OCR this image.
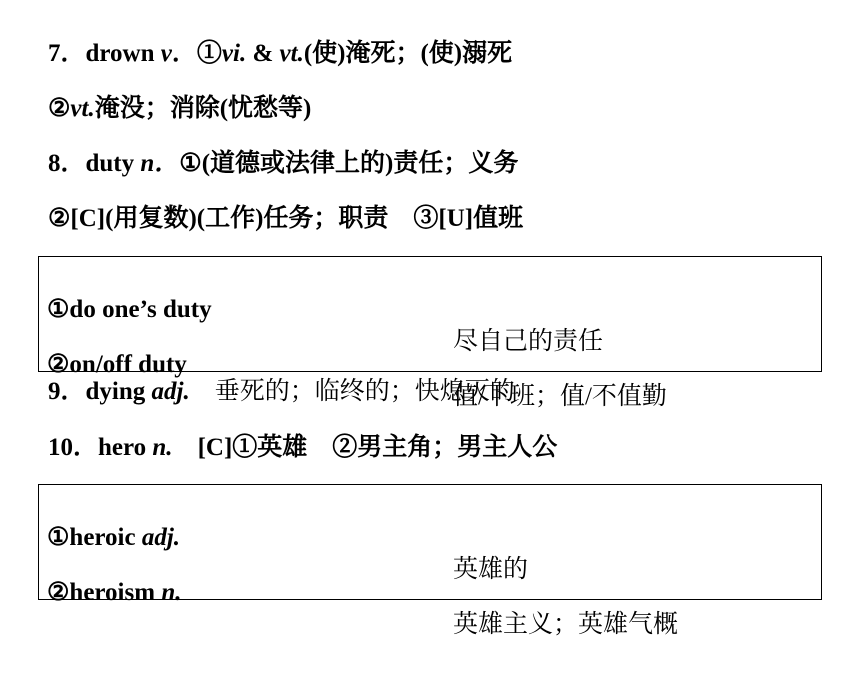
7．drown v．①vi. & vt.(使)淹死；(使)溺死
②vt.淹没；消除(忧愁等)
8．duty n．①(道德或法律上的)责任；义务
②[C](用复数)(工作)任务；职责　③[U]值班

①do one’s duty

尽自己的责任

②on/off duty

值/下班；值/不值勤

9．dying adj.　垂死的；临终的；快熄灭的
10．hero n.　[C]①英雄　②男主角；男主人公

①heroic adj.

英雄的

②heroism n.

英雄主义；英雄气概
